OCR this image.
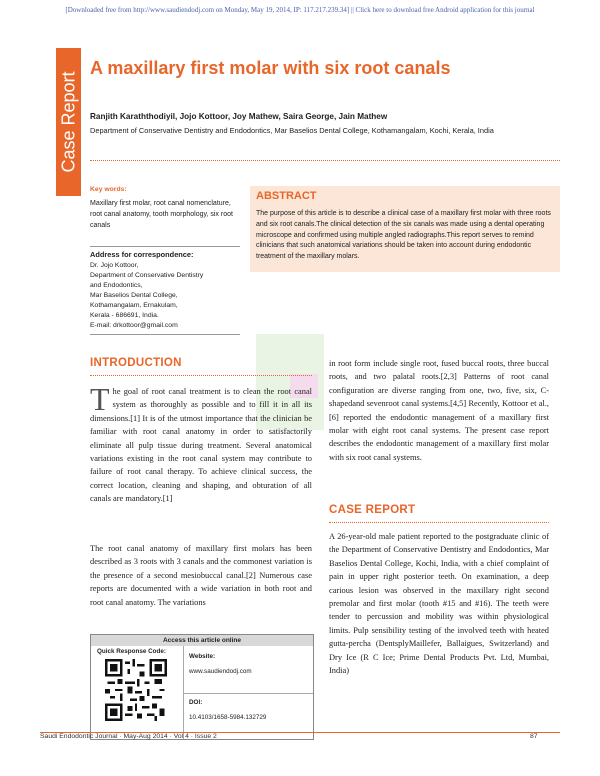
[Downloaded free from http://www.saudiendodj.com on Monday, May 19, 2014, IP: 117.217.239.34] || Click here to download free Android application for this journal
Case Report
A maxillary first molar with six root canals
Ranjith Karaththodiyil, Jojo Kottoor, Joy Mathew, Saira George, Jain Mathew
Department of Conservative Dentistry and Endodontics, Mar Baselios Dental College, Kothamangalam, Kochi, Kerala, India
Key words:
Maxillary first molar, root canal nomenclature, root canal anatomy, tooth morphology, six root canals
Address for correspondence:
Dr. Jojo Kottoor,
Department of Conservative Dentistry
and Endodontics,
Mar Baselios Dental College,
Kothamangalam, Ernakulam,
Kerala - 686691, India.
E-mail: drkottoor@gmail.com
ABSTRACT
The purpose of this article is to describe a clinical case of a maxillary first molar with three roots and six root canals.The clinical detection of the six canals was made using a dental operating microscope and confirmed using multiple angled radiographs.This report serves to remind clinicians that such anatomical variations should be taken into account during endodontic treatment of the maxillary molars.
INTRODUCTION
The goal of root canal treatment is to clean the root canal system as thoroughly as possible and to fill it in all its dimensions.[1] It is of the utmost importance that the clinician be familiar with root canal anatomy in order to satisfactorily eliminate all pulp tissue during treatment. Several anatomical variations existing in the root canal system may contribute to failure of root canal therapy. To achieve clinical success, the correct location, cleaning and shaping, and obturation of all canals are mandatory.[1]
The root canal anatomy of maxillary first molars has been described as 3 roots with 3 canals and the commonest variation is the presence of a second mesiobuccal canal.[2] Numerous case reports are documented with a wide variation in both root and root canal anatomy. The variations
Access this article online
Quick Response Code:
Website:
www.saudiendodj.com
DOI:
10.4103/1658-5984.132729
in root form include single root, fused buccal roots, three buccal roots, and two palatal roots.[2,3] Patterns of root canal configuration are diverse ranging from one, two, five, six, C-shapedand sevenroot canal systems.[4,5] Recently, Kottoor et al.,[6] reported the endodontic management of a maxillary first molar with eight root canal systems. The present case report describes the endodontic management of a maxillary first molar with six root canal systems.
CASE REPORT
A 26-year-old male patient reported to the postgraduate clinic of the Department of Conservative Dentistry and Endodontics, Mar Baselios Dental College, Kochi, India, with a chief complaint of pain in upper right posterior teeth. On examination, a deep carious lesion was observed in the maxillary right second premolar and first molar (tooth #15 and #16). The teeth were tender to percussion and mobility was within physiological limits. Pulp sensibility testing of the involved teeth with heated gutta-percha (DentsplyMaillefer, Ballaigues, Switzerland) and Dry Ice (R C Ice; Prime Dental Products Pvt. Ltd, Mumbai, India)
Saudi Endodontic Journal · May-Aug 2014 · Vol 4 · Issue 2	87
